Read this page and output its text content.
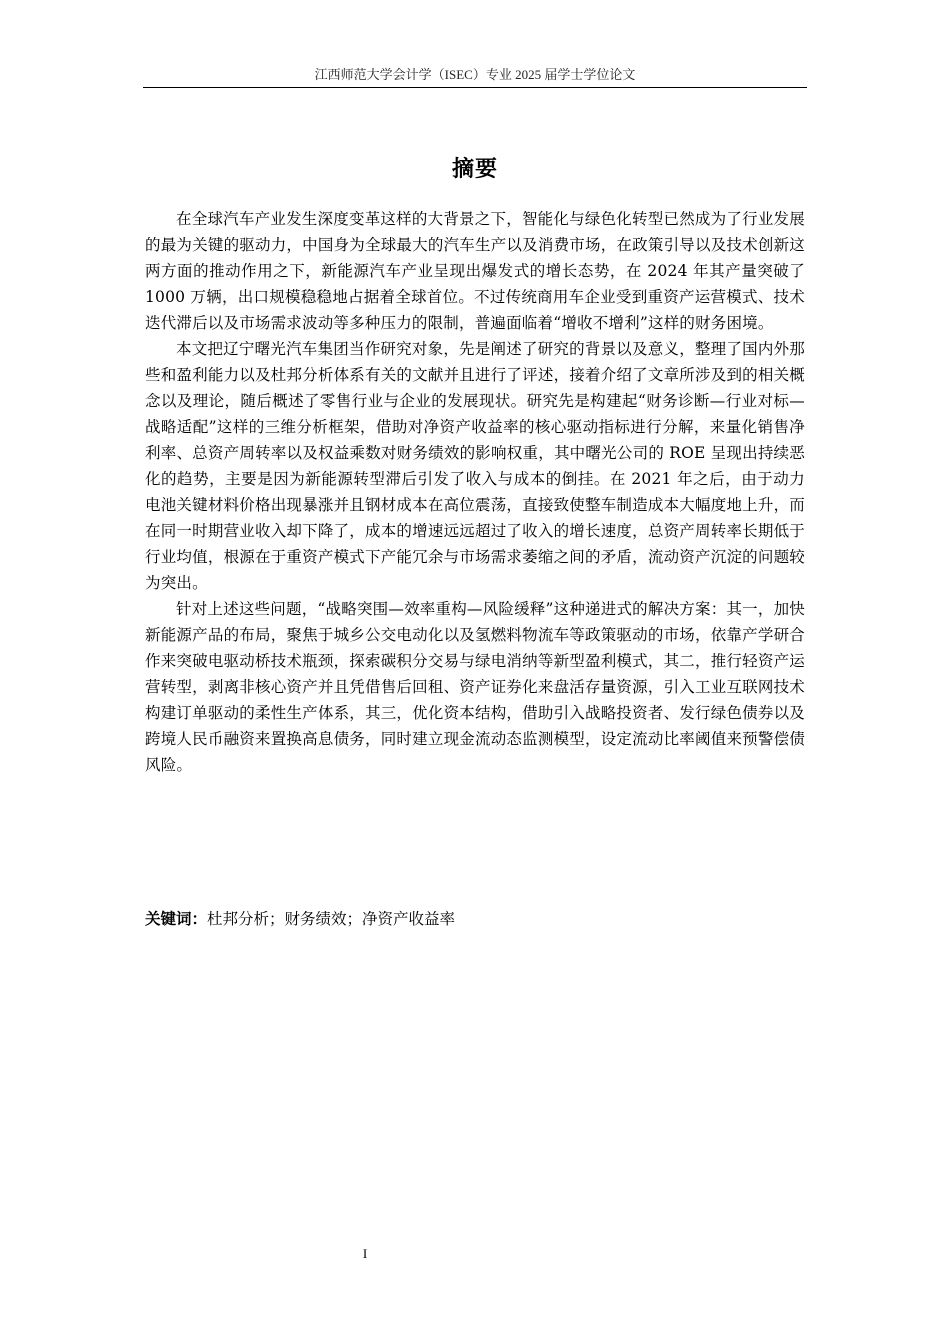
江西师范大学会计学（ISEC）专业 2025 届学士学位论文
摘要

在全球汽车产业发生深度变革这样的大背景之下，智能化与绿色化转型已然成为了行业发展的最为关键的驱动力，中国身为全球最大的汽车生产以及消费市场，在政策引导以及技术创新这两方面的推动作用之下，新能源汽车产业呈现出爆发式的增长态势，在 2024 年其产量突破了 1000 万辆，出口规模稳稳地占据着全球首位。不过传统商用车企业受到重资产运营模式、技术迭代滞后以及市场需求波动等多种压力的限制，普遍面临着“增收不增利”这样的财务困境。

本文把辽宁曙光汽车集团当作研究对象，先是阐述了研究的背景以及意义，整理了国内外那些和盈利能力以及杜邦分析体系有关的文献并且进行了评述，接着介绍了文章所涉及到的相关概念以及理论，随后概述了零售行业与企业的发展现状。研究先是构建起“财务诊断—行业对标—战略适配”这样的三维分析框架，借助对净资产收益率的核心驱动指标进行分解，来量化销售净利率、总资产周转率以及权益乘数对财务绩效的影响权重，其中曙光公司的 ROE 呈现出持续恶化的趋势，主要是因为新能源转型滞后引发了收入与成本的倒挂。在 2021 年之后，由于动力电池关键材料价格出现暴涨并且钢材成本在高位震荡，直接致使整车制造成本大幅度地上升，而在同一时期营业收入却下降了，成本的增速远远超过了收入的增长速度，总资产周转率长期低于行业均值，根源在于重资产模式下产能冗余与市场需求萎缩之间的矛盾，流动资产沉淀的问题较为突出。

针对上述这些问题，“战略突围—效率重构—风险缓释”这种递进式的解决方案：其一，加快新能源产品的布局，聚焦于城乡公交电动化以及氢燃料物流车等政策驱动的市场，依靠产学研合作来突破电驱动桥技术瓶颈，探索碳积分交易与绿电消纳等新型盈利模式，其二，推行轻资产运营转型，剥离非核心资产并且凭借售后回租、资产证券化来盘活存量资源，引入工业互联网技术构建订单驱动的柔性生产体系，其三，优化资本结构，借助引入战略投资者、发行绿色债券以及跨境人民币融资来置换高息债务，同时建立现金流动态监测模型，设定流动比率阈值来预警偿债风险。

关键词：杜邦分析；财务绩效；净资产收益率
I
